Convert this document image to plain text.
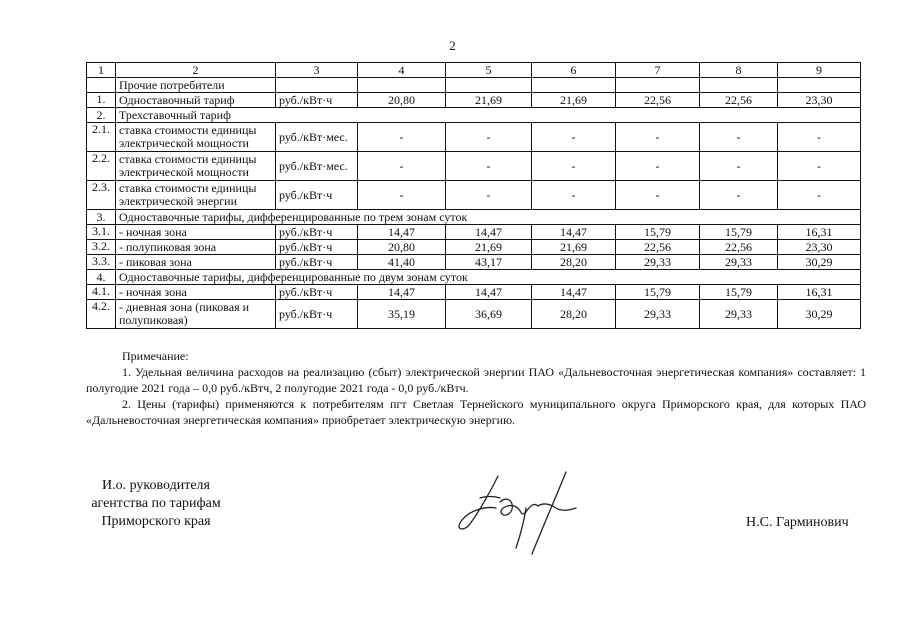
2
1	2	3	4	5	6	7	8	9
	Прочие потребители							
1.	Одноставочный тариф	руб./кВт·ч	20,80	21,69	21,69	22,56	22,56	23,30
2.	Трехставочный тариф							
2.1.	ставка стоимости единицы электрической мощности	руб./кВт·мес.	-	-	-	-	-	-
2.2.	ставка стоимости единицы электрической мощности	руб./кВт·мес.	-	-	-	-	-	-
2.3.	ставка стоимости единицы электрической энергии	руб./кВт·ч	-	-	-	-	-	-
3.	Одноставочные тарифы, дифференцированные по трем зонам суток							
3.1.	- ночная зона	руб./кВт·ч	14,47	14,47	14,47	15,79	15,79	16,31
3.2.	- полупиковая зона	руб./кВт·ч	20,80	21,69	21,69	22,56	22,56	23,30
3.3.	- пиковая зона	руб./кВт·ч	41,40	43,17	28,20	29,33	29,33	30,29
4.	Одноставочные тарифы, дифференцированные по двум зонам суток							
4.1.	- ночная зона	руб./кВт·ч	14,47	14,47	14,47	15,79	15,79	16,31
4.2.	- дневная зона (пиковая и полупиковая)	руб./кВт·ч	35,19	36,69	28,20	29,33	29,33	30,29

Примечание:

1. Удельная величина расходов на реализацию (сбыт) электрической энергии ПАО «Дальневосточная энергетическая компания» составляет: 1 полугодие 2021 года – 0,0 руб./кВтч, 2 полугодие 2021 года - 0,0 руб./кВтч.

2. Цены (тарифы) применяются к потребителям пгт Светлая Тернейского муниципального округа Приморского края, для которых ПАО «Дальневосточная энергетическая компания» приобретает электрическую энергию.

И.о. руководителя
агентства по тарифам
Приморского края	Н.С. Гарминович
